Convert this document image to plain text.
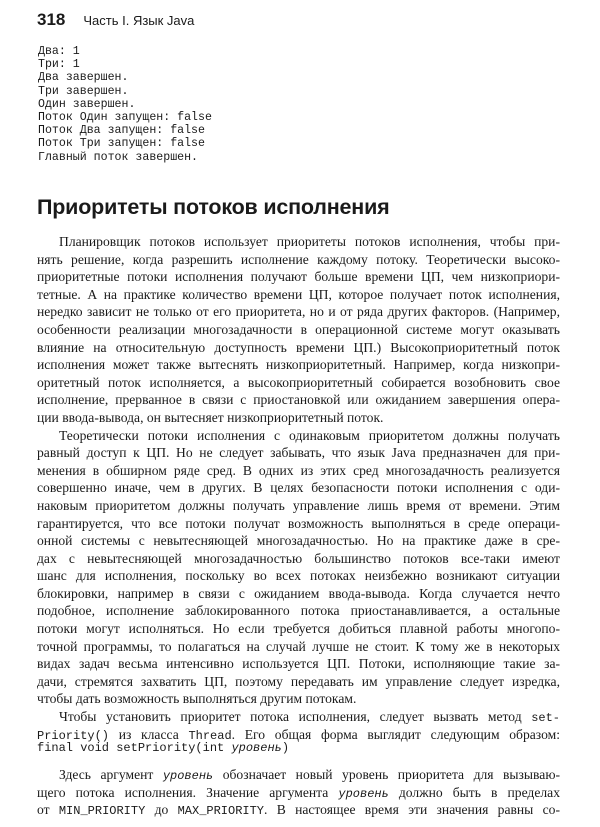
318 Часть I. Язык Java
Два: 1
Три: 1
Два завершен.
Три завершен.
Один завершен.
Поток Один запущен: false
Поток Два запущен: false
Поток Три запущен: false
Главный поток завершен.
Приоритеты потоков исполнения
Планировщик потоков использует приоритеты потоков исполнения, чтобы при-
нять решение, когда разрешить исполнение каждому потоку. Теоретически высоко-
приоритетные потоки исполнения получают больше времени ЦП, чем низкоприори-
тетные. А на практике количество времени ЦП, которое получает поток исполнения,
нередко зависит не только от его приоритета, но и от ряда других факторов. (Например,
особенности реализации многозадачности в операционной системе могут оказывать
влияние на относительную доступность времени ЦП.) Высокоприоритетный поток
исполнения может также вытеснять низкоприоритетный. Например, когда низкопри-
оритетный поток исполняется, а высокоприоритетный собирается возобновить свое
исполнение, прерванное в связи с приостановкой или ожиданием завершения опера-
ции ввода-вывода, он вытесняет низкоприоритетный поток.
Теоретически потоки исполнения с одинаковым приоритетом должны получать
равный доступ к ЦП. Но не следует забывать, что язык Java предназначен для при-
менения в обширном ряде сред. В одних из этих сред многозадачность реализуется
совершенно иначе, чем в других. В целях безопасности потоки исполнения с оди-
наковым приоритетом должны получать управление лишь время от времени. Этим
гарантируется, что все потоки получат возможность выполняться в среде операци-
онной системы с невытесняющей многозадачностью. Но на практике даже в сре-
дах с невытесняющей многозадачностью большинство потоков все-таки имеют
шанс для исполнения, поскольку во всех потоках неизбежно возникают ситуации
блокировки, например в связи с ожиданием ввода-вывода. Когда случается нечто
подобное, исполнение заблокированного потока приостанавливается, а остальные
потоки могут исполняться. Но если требуется добиться плавной работы многопо-
точной программы, то полагаться на случай лучше не стоит. К тому же в некоторых
видах задач весьма интенсивно используется ЦП. Потоки, исполняющие такие за-
дачи, стремятся захватить ЦП, поэтому передавать им управление следует изредка,
чтобы дать возможность выполняться другим потокам.
Чтобы установить приоритет потока исполнения, следует вызвать метод set-
Priority() из класса Thread. Его общая форма выглядит следующим образом:
final void setPriority(int уровень)
Здесь аргумент уровень обозначает новый уровень приоритета для вызываю-
щего потока исполнения. Значение аргумента уровень должно быть в пределах
от MIN_PRIORITY до MAX_PRIORITY. В настоящее время эти значения равны со-
